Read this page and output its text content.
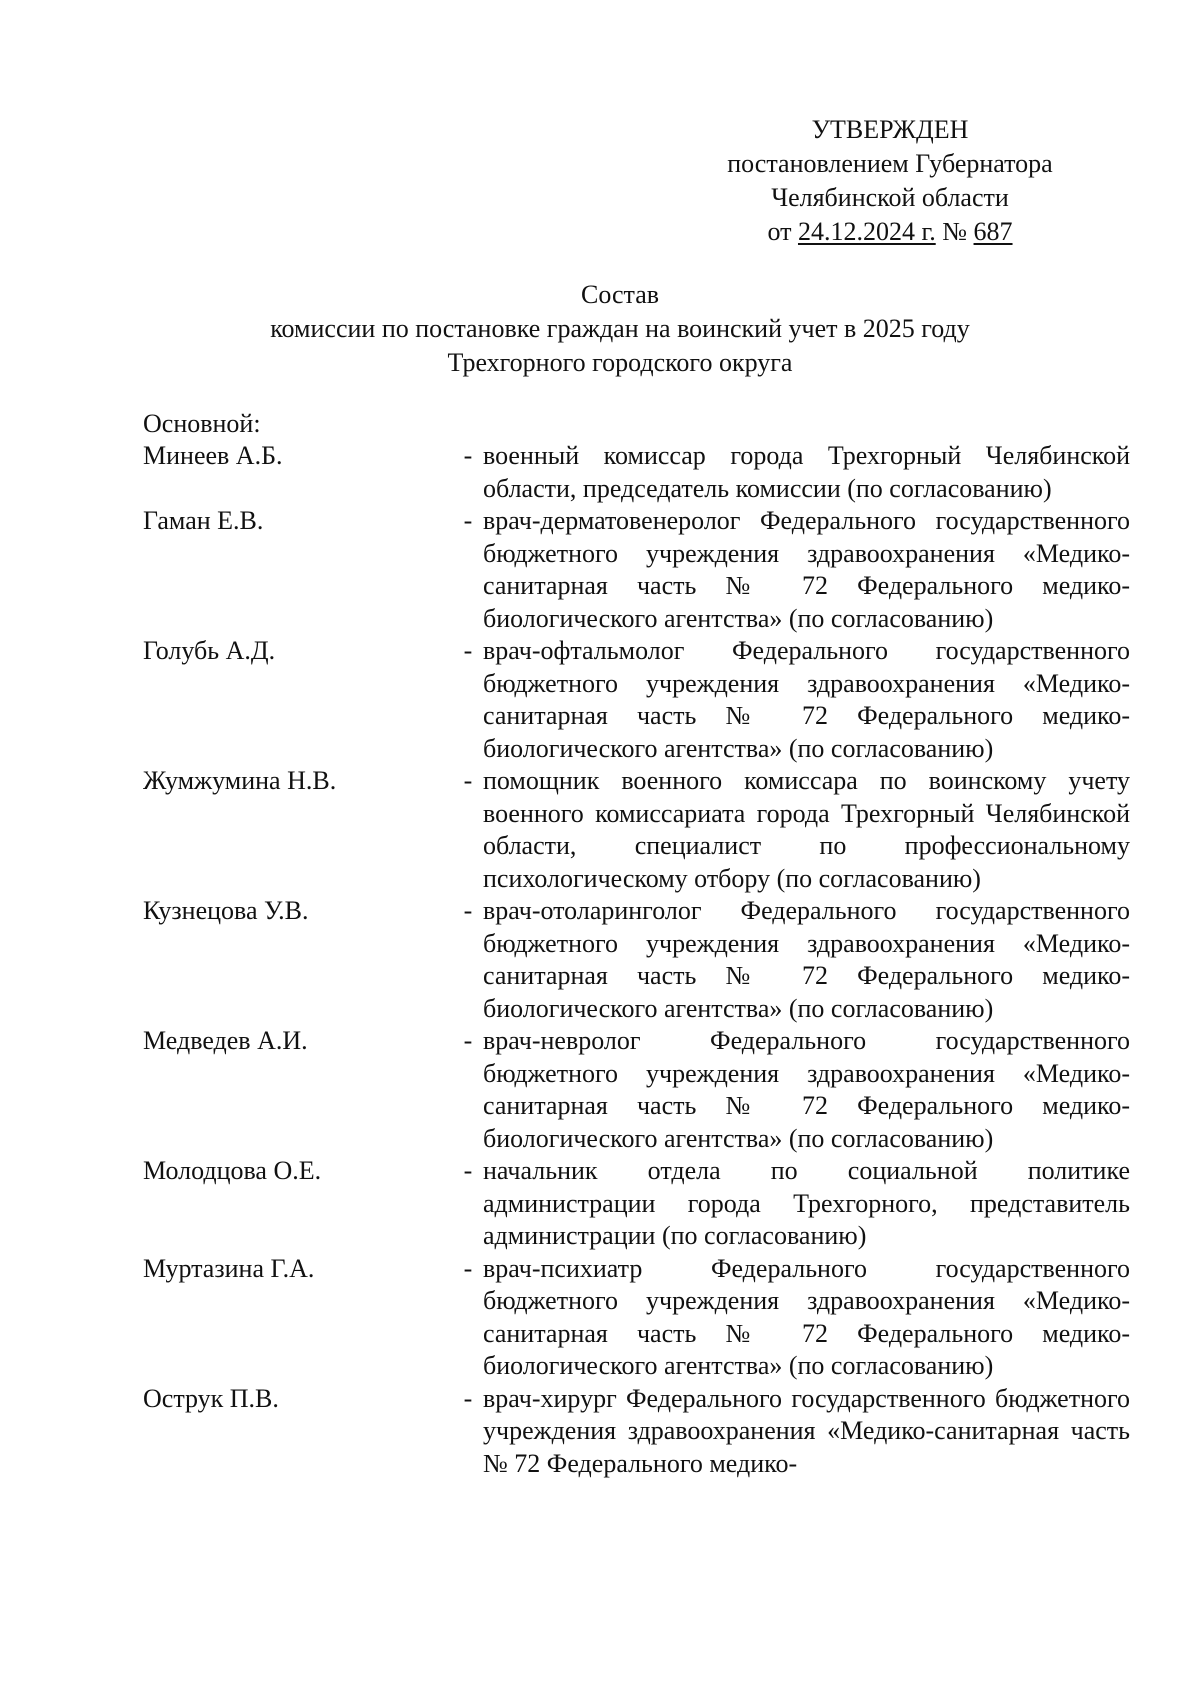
УТВЕРЖДЕН
постановлением Губернатора
Челябинской области
от 24.12.2024 г. № 687
Состав
комиссии по постановке граждан на воинский учет в 2025 году
Трехгорного городского округа
Основной:
Минеев А.Б.	- военный комиссар города Трехгорный Челябинской области, председатель комиссии (по согласованию)
Гаман Е.В.	- врач-дерматовенеролог Федерального государственного бюджетного учреждения здравоохранения «Медико-санитарная часть № 72 Федерального медико-биологического агентства» (по согласованию)
Голубь А.Д.	- врач-офтальмолог Федерального государственного бюджетного учреждения здравоохранения «Медико-санитарная часть № 72 Федерального медико-биологического агентства» (по согласованию)
Жумжумина Н.В.	- помощник военного комиссара по воинскому учету военного комиссариата города Трехгорный Челябинской области, специалист по профессиональному психологическому отбору (по согласованию)
Кузнецова У.В.	- врач-отоларинголог Федерального государственного бюджетного учреждения здравоохранения «Медико-санитарная часть № 72 Федерального медико-биологического агентства» (по согласованию)
Медведев А.И.	- врач-невролог Федерального государственного бюджетного учреждения здравоохранения «Медико-санитарная часть № 72 Федерального медико-биологического агентства» (по согласованию)
Молодцова О.Е.	- начальник отдела по социальной политике администрации города Трехгорного, представитель администрации (по согласованию)
Муртазина Г.А.	- врач-психиатр Федерального государственного бюджетного учреждения здравоохранения «Медико-санитарная часть № 72 Федерального медико-биологического агентства» (по согласованию)
Острук П.В.	- врач-хирург Федерального государственного бюджетного учреждения здравоохранения «Медико-санитарная часть № 72 Федерального медико-
